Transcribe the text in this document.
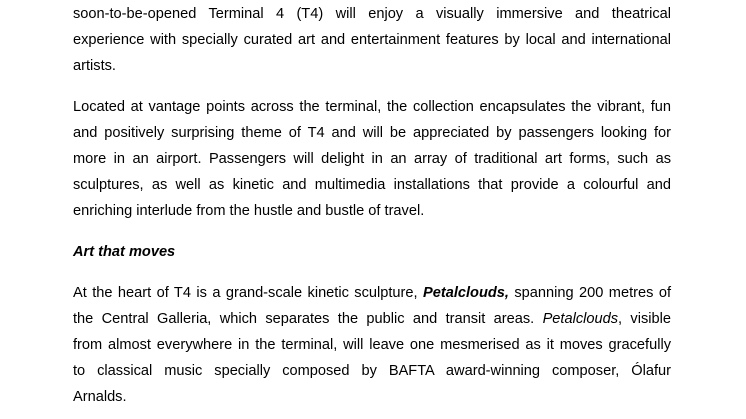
soon-to-be-opened Terminal 4 (T4) will enjoy a visually immersive and theatrical
experience with specially curated art and entertainment features by local and international
artists.
Located at vantage points across the terminal, the collection encapsulates the vibrant, fun
and positively surprising theme of T4 and will be appreciated by passengers looking for
more in an airport. Passengers will delight in an array of traditional art forms, such as
sculptures, as well as kinetic and multimedia installations that provide a colourful and
enriching interlude from the hustle and bustle of travel.
Art that moves
At the heart of T4 is a grand-scale kinetic sculpture, Petalclouds, spanning 200 metres of
the Central Galleria, which separates the public and transit areas. Petalclouds, visible
from almost everywhere in the terminal, will leave one mesmerised as it moves gracefully
to classical music specially composed by BAFTA award-winning composer, Ólafur
Arnalds.
